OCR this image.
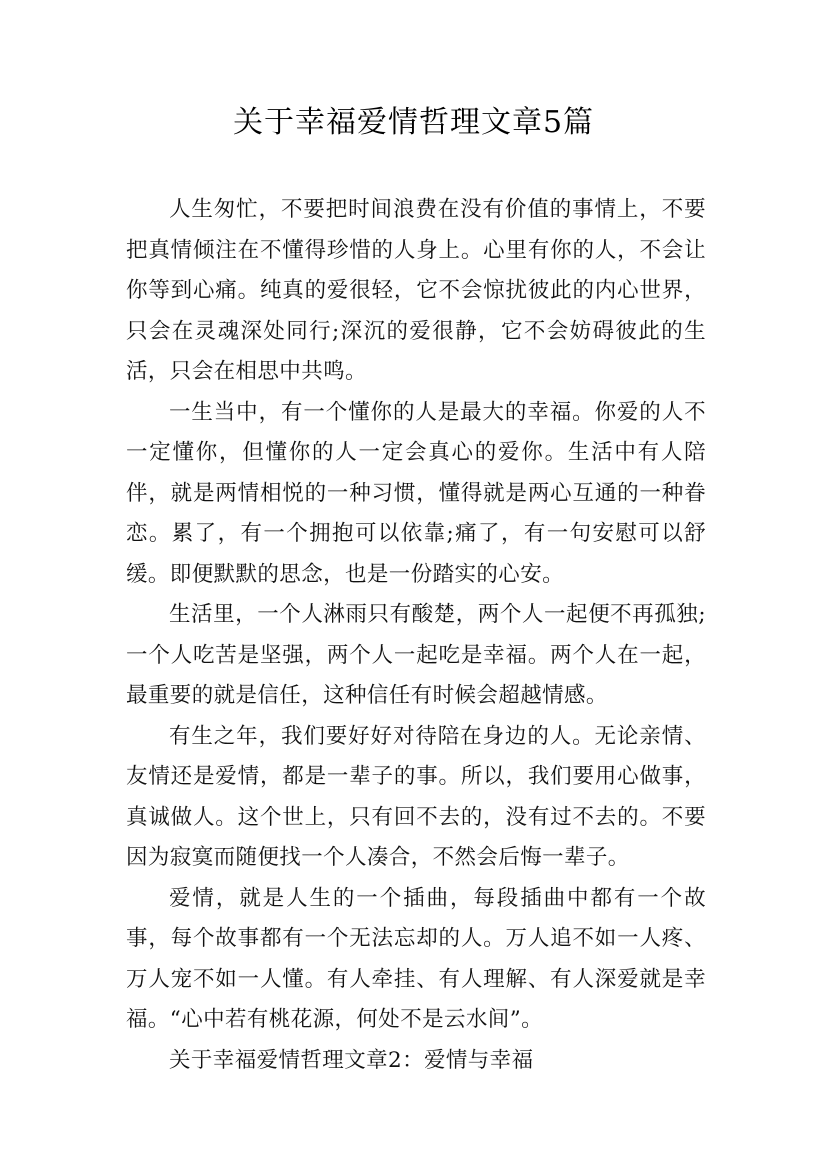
关于幸福爱情哲理文章5篇

人生匆忙，不要把时间浪费在没有价值的事情上，不要把真情倾注在不懂得珍惜的人身上。心里有你的人，不会让你等到心痛。纯真的爱很轻，它不会惊扰彼此的内心世界，只会在灵魂深处同行;深沉的爱很静，它不会妨碍彼此的生活，只会在相思中共鸣。

一生当中，有一个懂你的人是最大的幸福。你爱的人不一定懂你，但懂你的人一定会真心的爱你。生活中有人陪伴，就是两情相悦的一种习惯，懂得就是两心互通的一种眷恋。累了，有一个拥抱可以依靠;痛了，有一句安慰可以舒缓。即便默默的思念，也是一份踏实的心安。

生活里，一个人淋雨只有酸楚，两个人一起便不再孤独;一个人吃苦是坚强，两个人一起吃是幸福。两个人在一起，最重要的就是信任，这种信任有时候会超越情感。

有生之年，我们要好好对待陪在身边的人。无论亲情、友情还是爱情，都是一辈子的事。所以，我们要用心做事，真诚做人。这个世上，只有回不去的，没有过不去的。不要因为寂寞而随便找一个人凑合，不然会后悔一辈子。

爱情，就是人生的一个插曲，每段插曲中都有一个故事，每个故事都有一个无法忘却的人。万人追不如一人疼、万人宠不如一人懂。有人牵挂、有人理解、有人深爱就是幸福。“心中若有桃花源，何处不是云水间”。

关于幸福爱情哲理文章2：爱情与幸福
